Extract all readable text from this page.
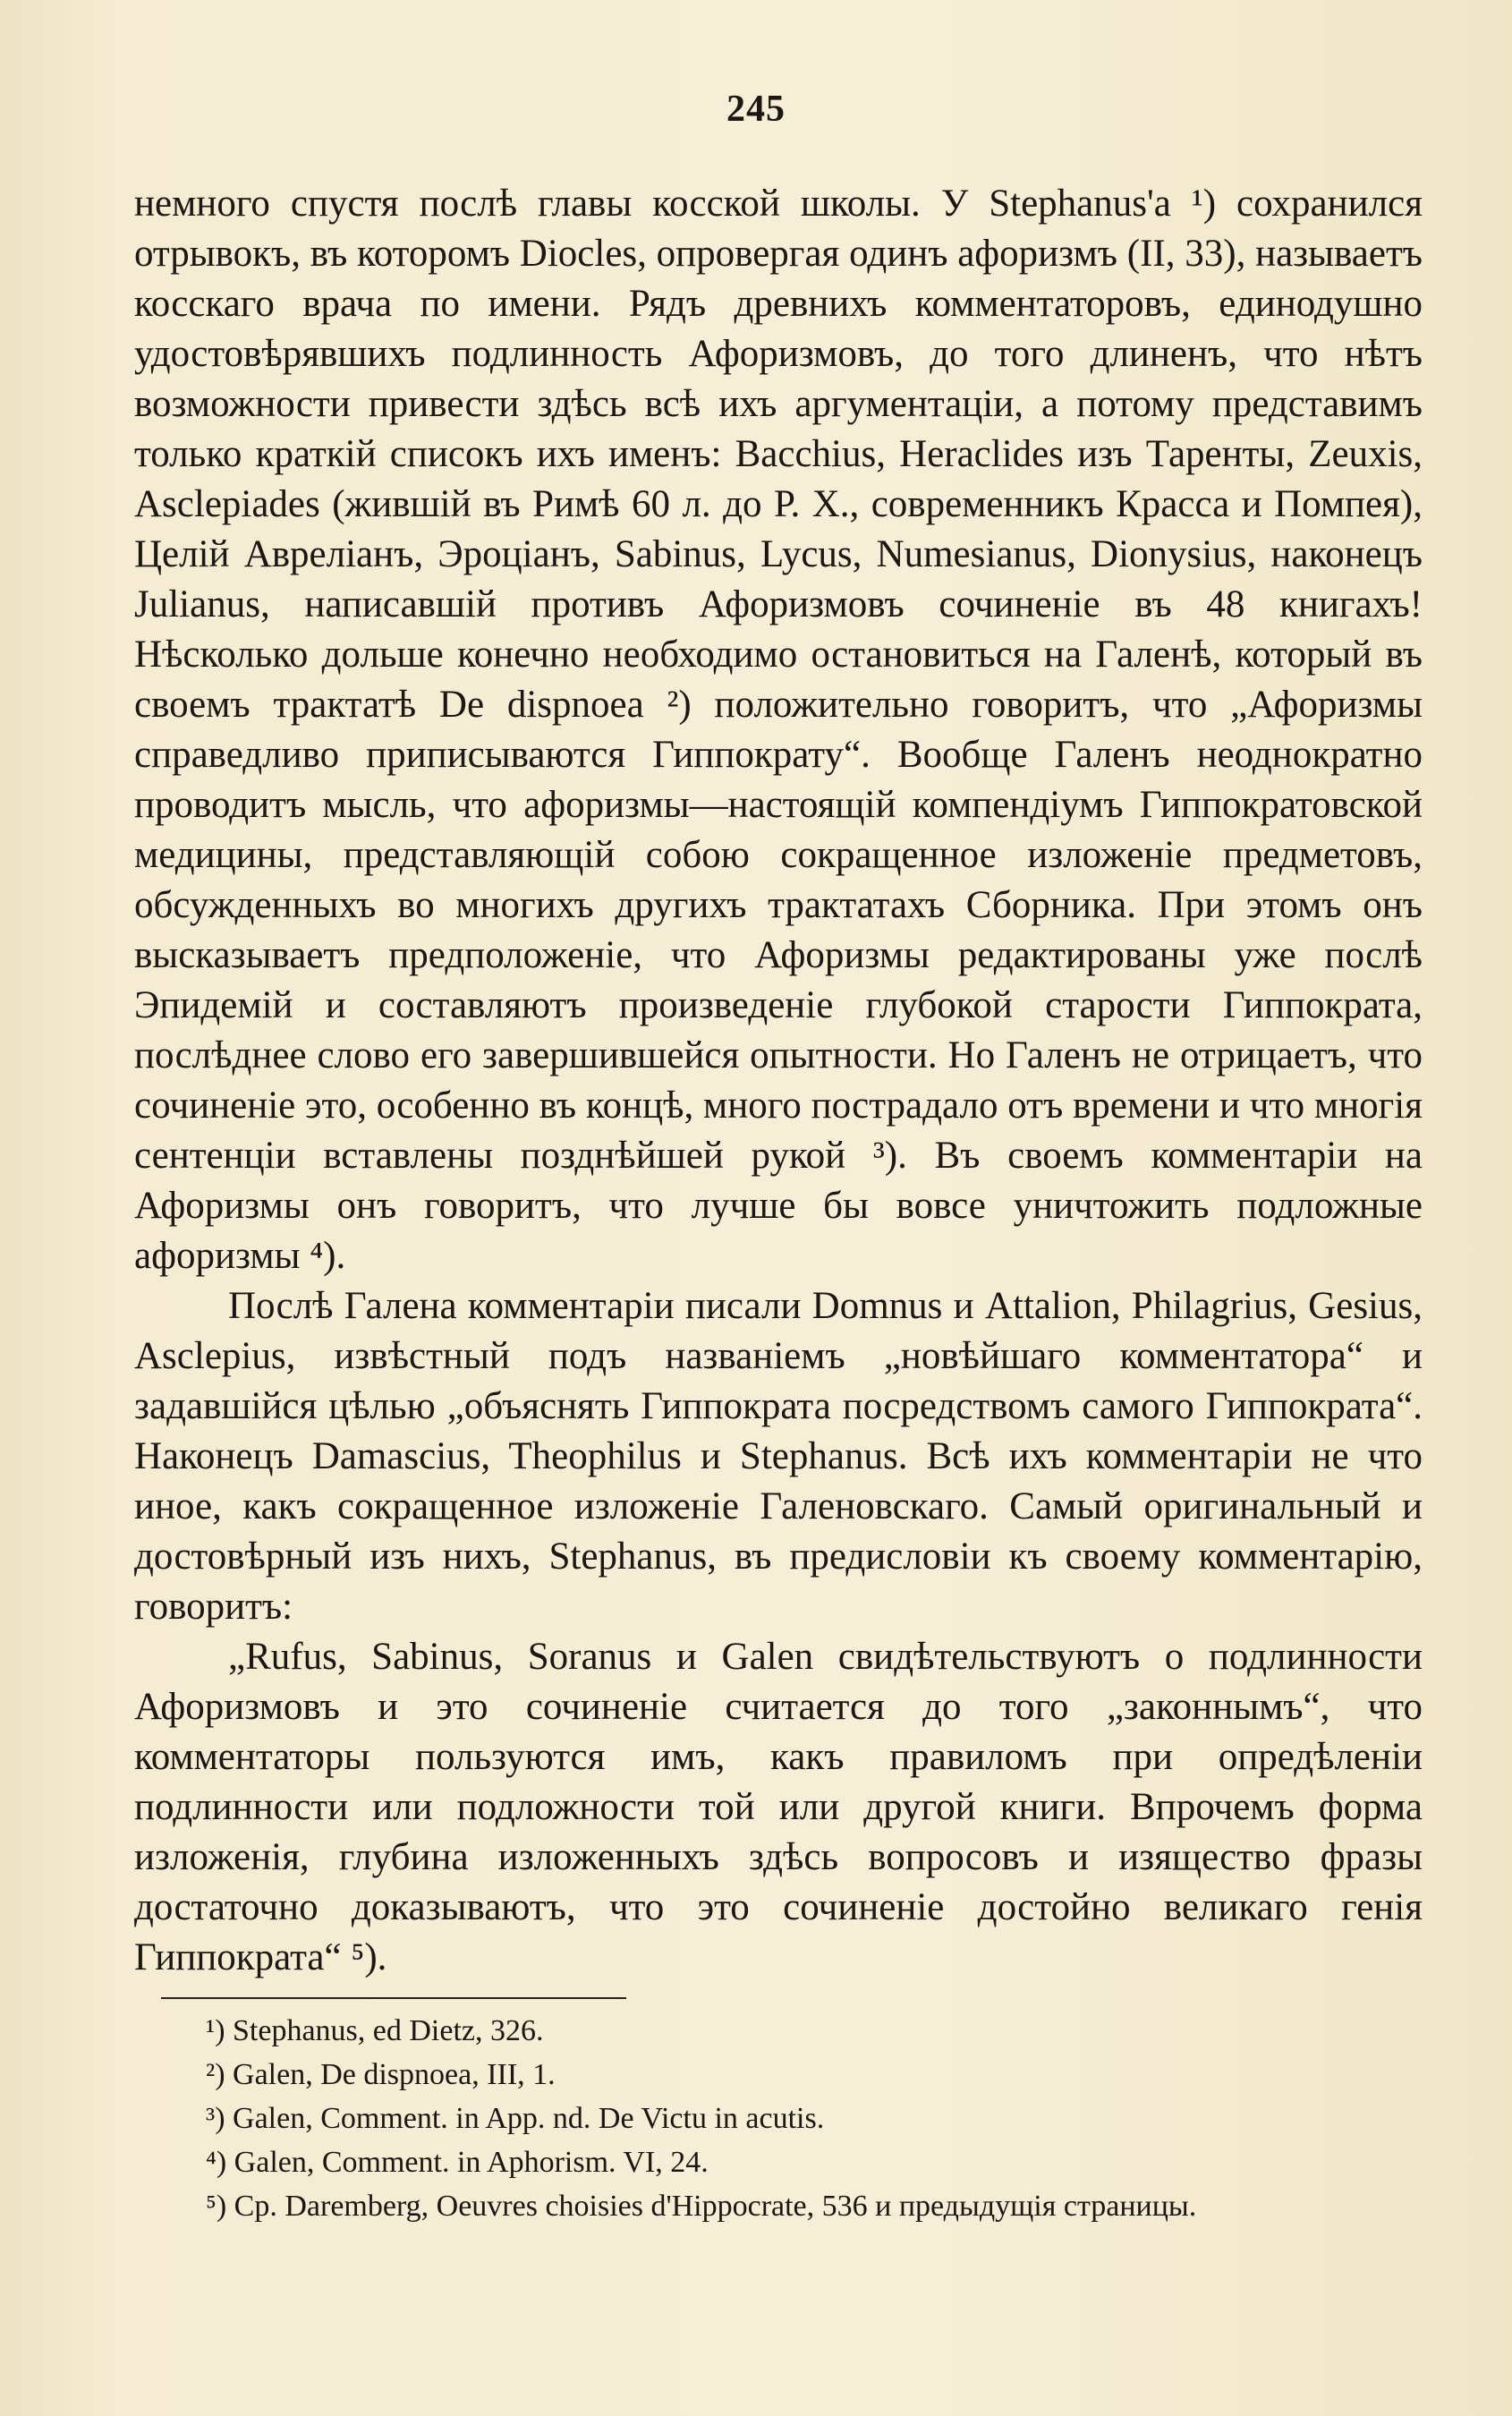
245

немного спустя послѣ главы косской школы. У Stephanus'a ¹) сохранился отрывокъ, въ которомъ Diocles, опровергая одинъ афоризмъ (II, 33), называетъ косскаго врача по имени. Рядъ древнихъ комментаторовъ, единодушно удостовѣрявшихъ подлинность Афоризмовъ, до того длиненъ, что нѣтъ возможности привести здѣсь всѣ ихъ аргументаціи, а потому представимъ только краткій списокъ ихъ именъ: Bacchius, Heraclides изъ Таренты, Zeuxis, Asclepiades (жившій въ Римѣ 60 л. до Р. X., современникъ Красса и Помпея), Целій Авреліанъ, Эроціанъ, Sabinus, Lycus, Numesianus, Dionysius, наконецъ Julianus, написавшій противъ Афоризмовъ сочиненіе въ 48 книгахъ! Нѣсколько дольше конечно необходимо остановиться на Галенѣ, который въ своемъ трактатѣ De dispnoea ²) положительно говоритъ, что „Афоризмы справедливо приписываются Гиппократу“. Вообще Галенъ неоднократно проводитъ мысль, что афоризмы—настоящій компендіумъ Гиппократовской медицины, представляющій собою сокращенное изложеніе предметовъ, обсужденныхъ во многихъ другихъ трактатахъ Сборника. При этомъ онъ высказываетъ предположеніе, что Афоризмы редактированы уже послѣ Эпидемій и составляютъ произведеніе глубокой старости Гиппократа, послѣднее слово его завершившейся опытности. Но Галенъ не отрицаетъ, что сочиненіе это, особенно въ концѣ, много пострадало отъ времени и что многія сентенціи вставлены позднѣйшей рукой ³). Въ своемъ комментаріи на Афоризмы онъ говоритъ, что лучше бы вовсе уничтожить подложные афоризмы ⁴).

Послѣ Галена комментаріи писали Domnus и Attalion, Philagrius, Gesius, Asclepius, извѣстный подъ названіемъ „новѣйшаго комментатора“ и задавшійся цѣлью „объяснять Гиппократа посредствомъ самого Гиппократа“. Наконецъ Damascius, Theophilus и Stephanus. Всѣ ихъ комментаріи не что иное, какъ сокращенное изложеніе Галеновскаго. Самый оригинальный и достовѣрный изъ нихъ, Stephanus, въ предисловіи къ своему комментарію, говоритъ:

„Rufus, Sabinus, Soranus и Galen свидѣтельствуютъ о подлинности Афоризмовъ и это сочиненіе считается до того „законнымъ“, что комментаторы пользуются имъ, какъ правиломъ при опредѣленіи подлинности или подложности той или другой книги. Впрочемъ форма изложенія, глубина изложенныхъ здѣсь вопросовъ и изящество фразы достаточно доказываютъ, что это сочиненіе достойно великаго генія Гиппократа“ ⁵).

¹) Stephanus, ed Dietz, 326.
²) Galen, De dispnoea, III, 1.
³) Galen, Comment. in App. nd. De Victu in acutis.
⁴) Galen, Comment. in Aphorism. VI, 24.
⁵) Ср. Daremberg, Oeuvres choisies d'Hippocrate, 536 и предыдущія страницы.
